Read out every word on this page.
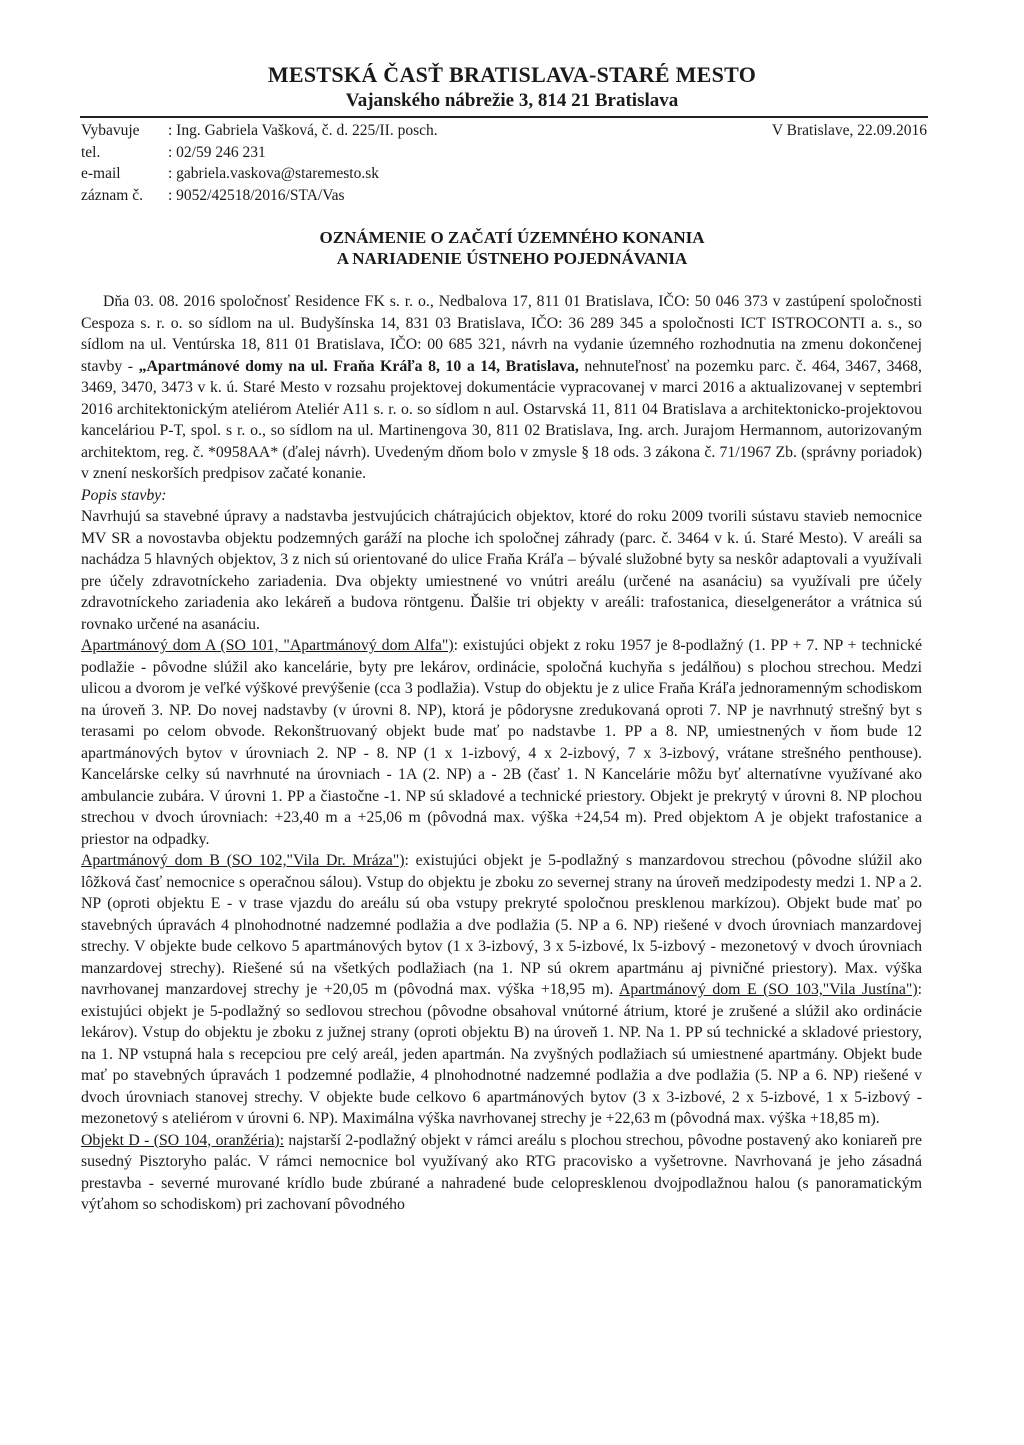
MESTSKÁ ČASŤ BRATISLAVA-STARÉ MESTO
Vajanského nábrežie 3, 814 21 Bratislava
Vybavuje	: Ing. Gabriela Vašková, č. d. 225/II. posch.
tel.	: 02/59 246 231
e-mail	: gabriela.vaskova@staremesto.sk
záznam č.	: 9052/42518/2016/STA/Vas
V Bratislave, 22.09.2016
OZNÁMENIE O ZAČATÍ ÚZEMNÉHO KONANIA
A NARIADENIE ÚSTNEHO POJEDNÁVANIA

Dňa 03. 08. 2016 spoločnosť Residence FK s. r. o., Nedbalova 17, 811 01 Bratislava, IČO: 50 046 373 v zastúpení spoločnosti Cespoza s. r. o. so sídlom na ul. Budyšínska 14, 831 03 Bratislava, IČO: 36 289 345 a spoločnosti ICT ISTROCONTI a. s., so sídlom na ul. Ventúrska 18, 811 01 Bratislava, IČO: 00 685 321, návrh na vydanie územného rozhodnutia na zmenu dokončenej stavby - „Apartmánové domy na ul. Fraňa Kráľa 8, 10 a 14, Bratislava, nehnuteľnosť na pozemku parc. č. 464, 3467, 3468, 3469, 3470, 3473 v k. ú. Staré Mesto v rozsahu projektovej dokumentácie vypracovanej v marci 2016 a aktualizovanej v septembri 2016 architektonickým ateliérom Ateliér A11 s. r. o. so sídlom n aul. Ostarvská 11, 811 04 Bratislava a architektonicko-projektovou kanceláriou P-T, spol. s r. o., so sídlom na ul. Martinengova 30, 811 02 Bratislava, Ing. arch. Jurajom Hermannom, autorizovaným architektom, reg. č. *0958AA* (ďalej návrh). Uvedeným dňom bolo v zmysle § 18 ods. 3 zákona č. 71/1967 Zb. (správny poriadok) v znení neskorších predpisov začaté konanie.

Popis stavby:

Navrhujú sa stavebné úpravy a nadstavba jestvujúcich chátrajúcich objektov, ktoré do roku 2009 tvorili sústavu stavieb nemocnice MV SR a novostavba objektu podzemných garáží na ploche ich spoločnej záhrady (parc. č. 3464 v k. ú. Staré Mesto). V areáli sa nachádza 5 hlavných objektov, 3 z nich sú orientované do ulice Fraňa Kráľa – bývalé služobné byty sa neskôr adaptovali a využívali pre účely zdravotníckeho zariadenia. Dva objekty umiestnené vo vnútri areálu (určené na asanáciu) sa využívali pre účely zdravotníckeho zariadenia ako lekáreň a budova röntgenu. Ďalšie tri objekty v areáli: trafostanica, dieselgenerátor a vrátnica sú rovnako určené na asanáciu.

Apartmánový dom A (SO 101, "Apartmánový dom Alfa"): existujúci objekt z roku 1957 je 8-podlažný (1. PP + 7. NP + technické podlažie - pôvodne slúžil ako kancelárie, byty pre lekárov, ordinácie, spoločná kuchyňa s jedálňou) s plochou strechou. Medzi ulicou a dvorom je veľké výškové prevýšenie (cca 3 podlažia). Vstup do objektu je z ulice Fraňa Kráľa jednoramenným schodiskom na úroveň 3. NP. Do novej nadstavby (v úrovni 8. NP), ktorá je pôdorysne zredukovaná oproti 7. NP je navrhnutý strešný byt s terasami po celom obvode. Rekonštruovaný objekt bude mať po nadstavbe 1. PP a 8. NP, umiestnených v ňom bude 12 apartmánových bytov v úrovniach 2. NP - 8. NP (1 x 1-izbový, 4 x 2-izbový, 7 x 3-izbový, vrátane strešného penthouse). Kancelárske celky sú navrhnuté na úrovniach - 1A (2. NP) a - 2B (časť 1. N Kancelárie môžu byť alternatívne využívané ako ambulancie zubára. V úrovni 1. PP a čiastočne -1. NP sú skladové a technické priestory. Objekt je prekrytý v úrovni 8. NP plochou strechou v dvoch úrovniach: +23,40 m a +25,06 m (pôvodná max. výška +24,54 m). Pred objektom A je objekt trafostanice a priestor na odpadky.

Apartmánový dom B (SO 102,"Vila Dr. Mráza"): existujúci objekt je 5-podlažný s manzardovou strechou (pôvodne slúžil ako lôžková časť nemocnice s operačnou sálou). Vstup do objektu je zboku zo severnej strany na úroveň medzipodesty medzi 1. NP a 2. NP (oproti objektu E - v trase vjazdu do areálu sú oba vstupy prekryté spoločnou presklenou markízou). Objekt bude mať po stavebných úpravách 4 plnohodnotné nadzemné podlažia a dve podlažia (5. NP a 6. NP) riešené v dvoch úrovniach manzardovej strechy. V objekte bude celkovo 5 apartmánových bytov (1 x 3-izbový, 3 x 5-izbové, lx 5-izbový - mezonetový v dvoch úrovniach manzardovej strechy). Riešené sú na všetkých podlažiach (na 1. NP sú okrem apartmánu aj pivničné priestory). Max. výška navrhovanej manzardovej strechy je +20,05 m (pôvodná max. výška +18,95 m). Apartmánový dom E (SO 103,"Vila Justína"): existujúci objekt je 5-podlažný so sedlovou strechou (pôvodne obsahoval vnútorné átrium, ktoré je zrušené a slúžil ako ordinácie lekárov). Vstup do objektu je zboku z južnej strany (oproti objektu B) na úroveň 1. NP. Na 1. PP sú technické a skladové priestory, na 1. NP vstupná hala s recepciou pre celý areál, jeden apartmán. Na zvyšných podlažiach sú umiestnené apartmány. Objekt bude mať po stavebných úpravách 1 podzemné podlažie, 4 plnohodnotné nadzemné podlažia a dve podlažia (5. NP a 6. NP) riešené v dvoch úrovniach stanovej strechy. V objekte bude celkovo 6 apartmánových bytov (3 x 3-izbové, 2 x 5-izbové, 1 x 5-izbový - mezonetový s ateliérom v úrovni 6. NP). Maximálna výška navrhovanej strechy je +22,63 m (pôvodná max. výška +18,85 m).

Objekt D - (SO 104, oranžéria): najstarší 2-podlažný objekt v rámci areálu s plochou strechou, pôvodne postavený ako koniareň pre susedný Pisztoryho palác. V rámci nemocnice bol využívaný ako RTG pracovisko a vyšetrovne. Navrhovaná je jeho zásadná prestavba - severné murované krídlo bude zbúrané a nahradené bude celopresklenou dvojpodlažnou halou (s panoramatickým výťahom so schodiskom) pri zachovaní pôvodného
